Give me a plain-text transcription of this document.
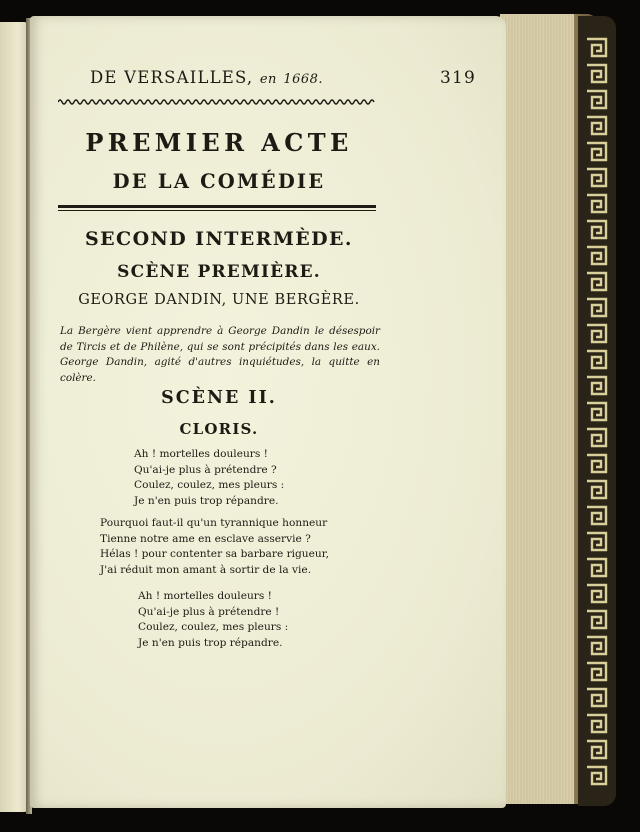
DE VERSAILLES, en 1668.	319
PREMIER ACTE
DE LA COMÉDIE
SECOND INTERMÈDE.
SCÈNE PREMIÈRE.
GEORGE DANDIN, UNE BERGÈRE.
La Bergère vient apprendre à George Dandin le désespoir de Tircis et de Philène, qui se sont précipités dans les eaux. George Dandin, agité d'autres inquiétudes, la quitte en colère.
SCÈNE II.
CLORIS.
Ah ! mortelles douleurs !
Qu'ai-je plus à prétendre ?
Coulez, coulez, mes pleurs :
Je n'en puis trop répandre.
Pourquoi faut-il qu'un tyrannique honneur
Tienne notre ame en esclave asservie ?
Hélas ! pour contenter sa barbare rigueur,
J'ai réduit mon amant à sortir de la vie.
Ah ! mortelles douleurs !
Qu'ai-je plus à prétendre !
Coulez, coulez, mes pleurs :
Je n'en puis trop répandre.
